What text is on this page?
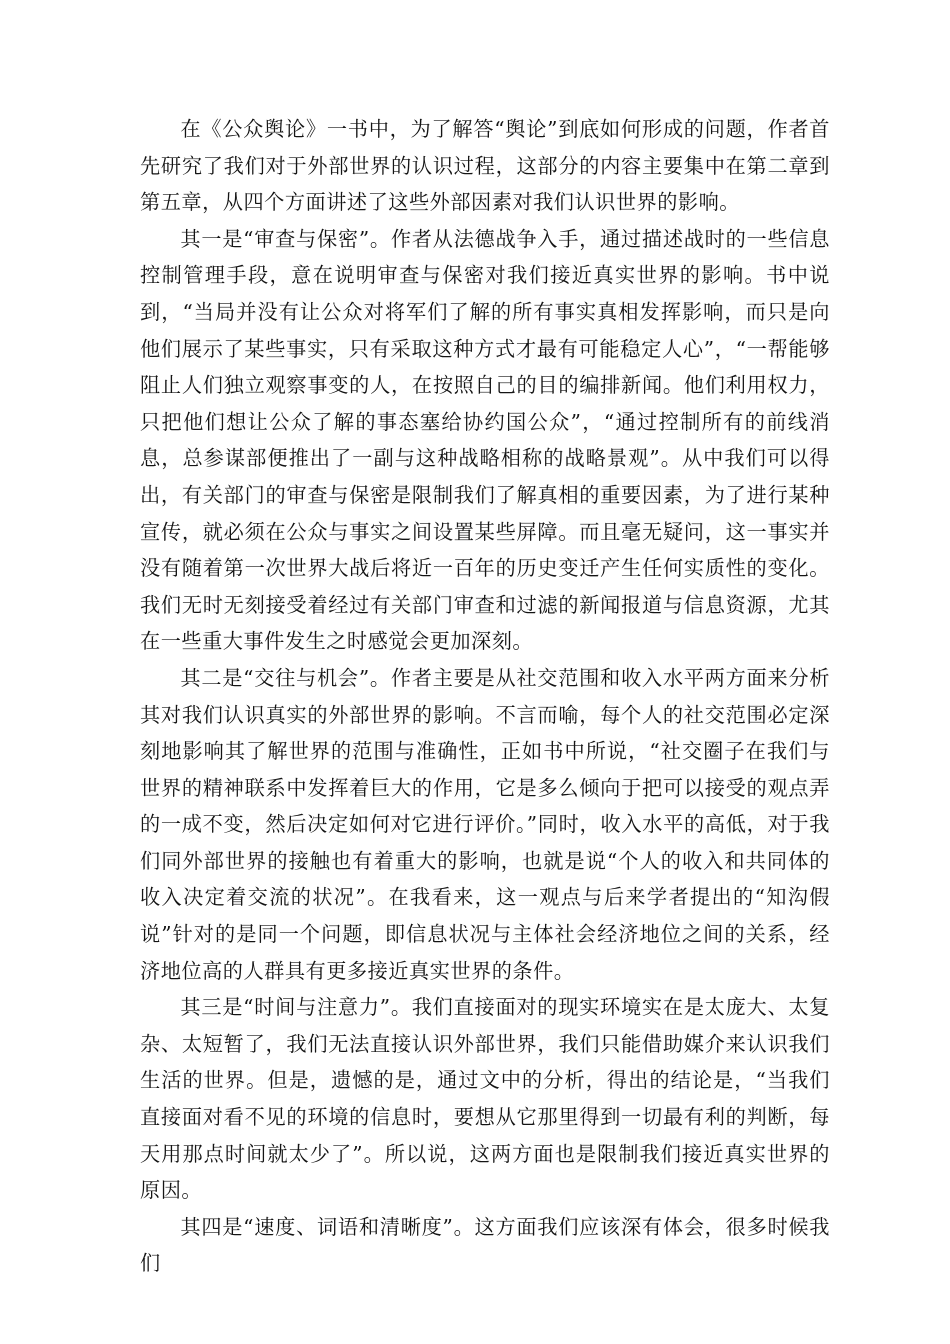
在《公众舆论》一书中，为了解答“舆论”到底如何形成的问题，作者首先研究了我们对于外部世界的认识过程，这部分的内容主要集中在第二章到第五章，从四个方面讲述了这些外部因素对我们认识世界的影响。

其一是“审查与保密”。作者从法德战争入手，通过描述战时的一些信息控制管理手段，意在说明审查与保密对我们接近真实世界的影响。书中说到，“当局并没有让公众对将军们了解的所有事实真相发挥影响，而只是向他们展示了某些事实，只有采取这种方式才最有可能稳定人心”，“一帮能够阻止人们独立观察事变的人，在按照自己的目的编排新闻。他们利用权力，只把他们想让公众了解的事态塞给协约国公众”，“通过控制所有的前线消息，总参谋部便推出了一副与这种战略相称的战略景观”。从中我们可以得出，有关部门的审查与保密是限制我们了解真相的重要因素，为了进行某种宣传，就必须在公众与事实之间设置某些屏障。而且毫无疑问，这一事实并没有随着第一次世界大战后将近一百年的历史变迁产生任何实质性的变化。我们无时无刻接受着经过有关部门审查和过滤的新闻报道与信息资源，尤其在一些重大事件发生之时感觉会更加深刻。

其二是“交往与机会”。作者主要是从社交范围和收入水平两方面来分析其对我们认识真实的外部世界的影响。不言而喻，每个人的社交范围必定深刻地影响其了解世界的范围与准确性，正如书中所说，“社交圈子在我们与世界的精神联系中发挥着巨大的作用，它是多么倾向于把可以接受的观点弄的一成不变，然后决定如何对它进行评价。”同时，收入水平的高低，对于我们同外部世界的接触也有着重大的影响，也就是说“个人的收入和共同体的收入决定着交流的状况”。在我看来，这一观点与后来学者提出的“知沟假说”针对的是同一个问题，即信息状况与主体社会经济地位之间的关系，经济地位高的人群具有更多接近真实世界的条件。

其三是“时间与注意力”。我们直接面对的现实环境实在是太庞大、太复杂、太短暂了，我们无法直接认识外部世界，我们只能借助媒介来认识我们生活的世界。但是，遗憾的是，通过文中的分析，得出的结论是，“当我们直接面对看不见的环境的信息时，要想从它那里得到一切最有利的判断，每天用那点时间就太少了”。所以说，这两方面也是限制我们接近真实世界的原因。

其四是“速度、词语和清晰度”。这方面我们应该深有体会，很多时候我们
